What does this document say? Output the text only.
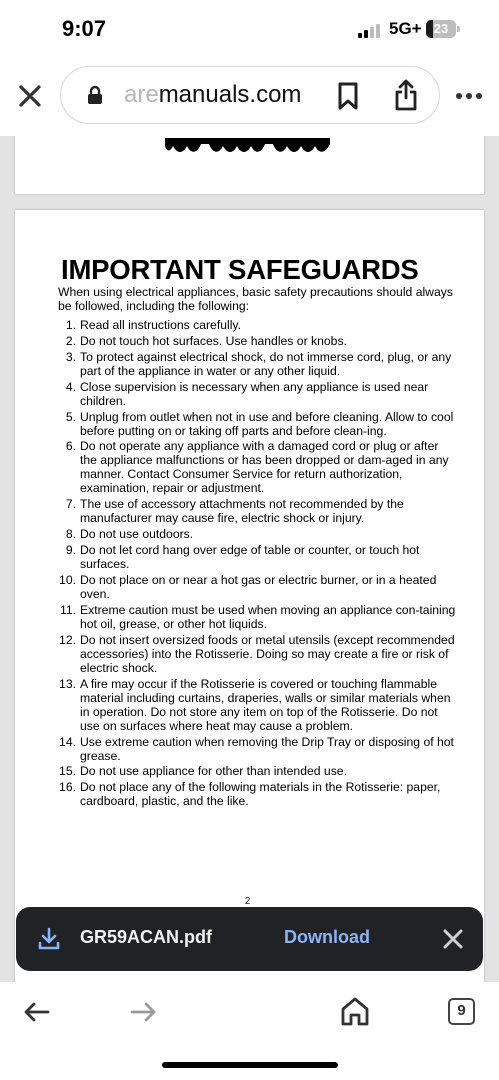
9:07	5G+ 23
aremanuals.com
IMPORTANT SAFEGUARDS
When using electrical appliances, basic safety precautions should always be followed, including the following:
1. Read all instructions carefully.
2. Do not touch hot surfaces. Use handles or knobs.
3. To protect against electrical shock, do not immerse cord, plug, or any part of the appliance in water or any other liquid.
4. Close supervision is necessary when any appliance is used near children.
5. Unplug from outlet when not in use and before cleaning. Allow to cool before putting on or taking off parts and before clean-ing.
6. Do not operate any appliance with a damaged cord or plug or after the appliance malfunctions or has been dropped or dam-aged in any manner. Contact Consumer Service for return authorization, examination, repair or adjustment.
7. The use of accessory attachments not recommended by the manufacturer may cause fire, electric shock or injury.
8. Do not use outdoors.
9. Do not let cord hang over edge of table or counter, or touch hot surfaces.
10. Do not place on or near a hot gas or electric burner, or in a heated oven.
11. Extreme caution must be used when moving an appliance con-taining hot oil, grease, or other hot liquids.
12. Do not insert oversized foods or metal utensils (except recommended accessories) into the Rotisserie. Doing so may create a fire or risk of electric shock.
13. A fire may occur if the Rotisserie is covered or touching flammable material including curtains, draperies, walls or similar materials when in operation. Do not store any item on top of the Rotisserie. Do not use on surfaces where heat may cause a problem.
14. Use extreme caution when removing the Drip Tray or disposing of hot grease.
15. Do not use appliance for other than intended use.
16. Do not place any of the following materials in the Rotisserie: paper, cardboard, plastic, and the like.
2
GR59ACAN.pdf	Download
9
